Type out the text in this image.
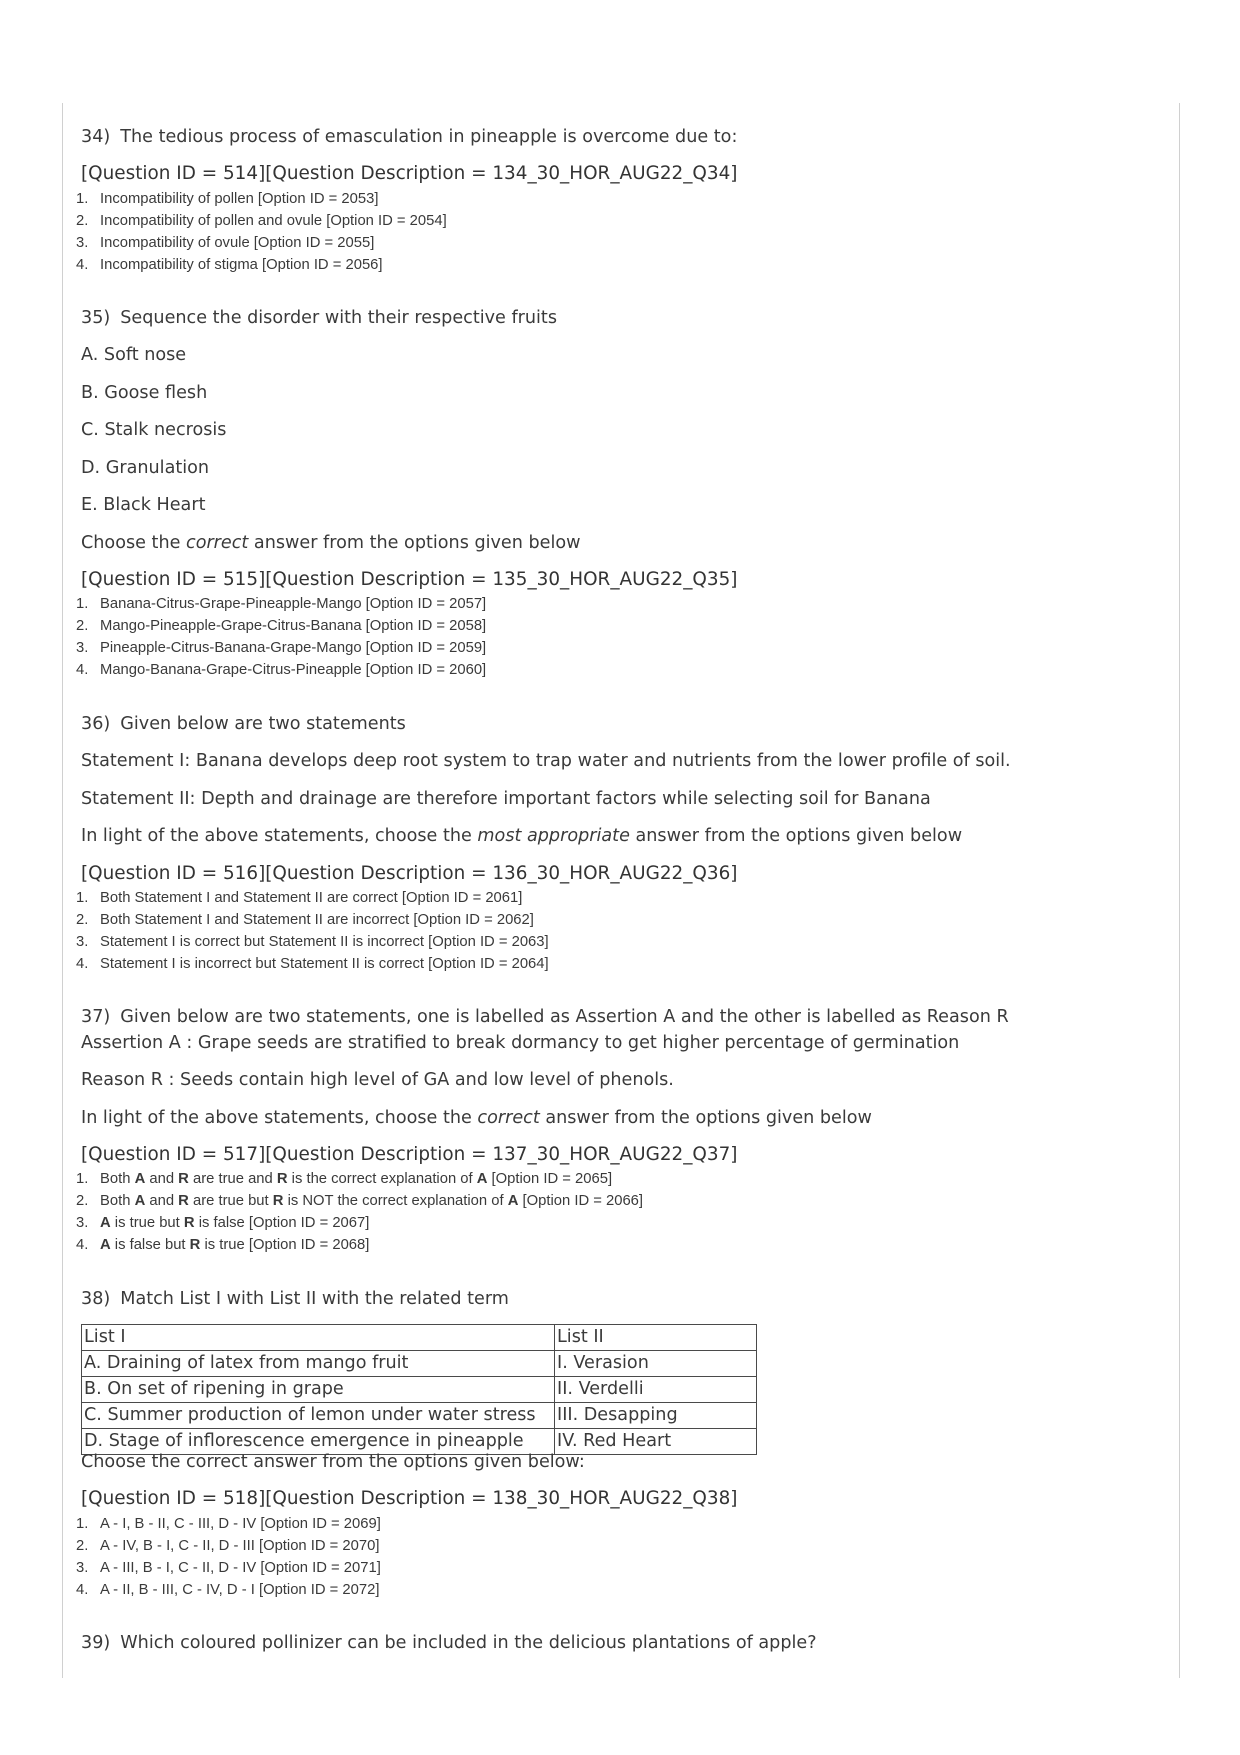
34) The tedious process of emasculation in pineapple is overcome due to:
[Question ID = 514][Question Description = 134_30_HOR_AUG22_Q34]
1. Incompatibility of pollen [Option ID = 2053]
2. Incompatibility of pollen and ovule [Option ID = 2054]
3. Incompatibility of ovule [Option ID = 2055]
4. Incompatibility of stigma [Option ID = 2056]
35) Sequence the disorder with their respective fruits
A. Soft nose
B. Goose flesh
C. Stalk necrosis
D. Granulation
E. Black Heart
Choose the correct answer from the options given below
[Question ID = 515][Question Description = 135_30_HOR_AUG22_Q35]
1. Banana-Citrus-Grape-Pineapple-Mango [Option ID = 2057]
2. Mango-Pineapple-Grape-Citrus-Banana [Option ID = 2058]
3. Pineapple-Citrus-Banana-Grape-Mango [Option ID = 2059]
4. Mango-Banana-Grape-Citrus-Pineapple [Option ID = 2060]
36) Given below are two statements
Statement I: Banana develops deep root system to trap water and nutrients from the lower profile of soil.
Statement II: Depth and drainage are therefore important factors while selecting soil for Banana
In light of the above statements, choose the most appropriate answer from the options given below
[Question ID = 516][Question Description = 136_30_HOR_AUG22_Q36]
1. Both Statement I and Statement II are correct [Option ID = 2061]
2. Both Statement I and Statement II are incorrect [Option ID = 2062]
3. Statement I is correct but Statement II is incorrect [Option ID = 2063]
4. Statement I is incorrect but Statement II is correct [Option ID = 2064]
37) Given below are two statements, one is labelled as Assertion A and the other is labelled as Reason R
Assertion A : Grape seeds are stratified to break dormancy to get higher percentage of germination
Reason R : Seeds contain high level of GA and low level of phenols.
In light of the above statements, choose the correct answer from the options given below
[Question ID = 517][Question Description = 137_30_HOR_AUG22_Q37]
1. Both A and R are true and R is the correct explanation of A [Option ID = 2065]
2. Both A and R are true but R is NOT the correct explanation of A [Option ID = 2066]
3. A is true but R is false [Option ID = 2067]
4. A is false but R is true [Option ID = 2068]
38) Match List I with List II with the related term
List I	List II
A. Draining of latex from mango fruit	I. Verasion
B. On set of ripening in grape	II. Verdelli
C. Summer production of lemon under water stress	III. Desapping
D. Stage of inflorescence emergence in pineapple	IV. Red Heart
Choose the correct answer from the options given below:
[Question ID = 518][Question Description = 138_30_HOR_AUG22_Q38]
1. A - I, B - II, C - III, D - IV [Option ID = 2069]
2. A - IV, B - I, C - II, D - III [Option ID = 2070]
3. A - III, B - I, C - II, D - IV [Option ID = 2071]
4. A - II, B - III, C - IV, D - I [Option ID = 2072]
39) Which coloured pollinizer can be included in the delicious plantations of apple?
